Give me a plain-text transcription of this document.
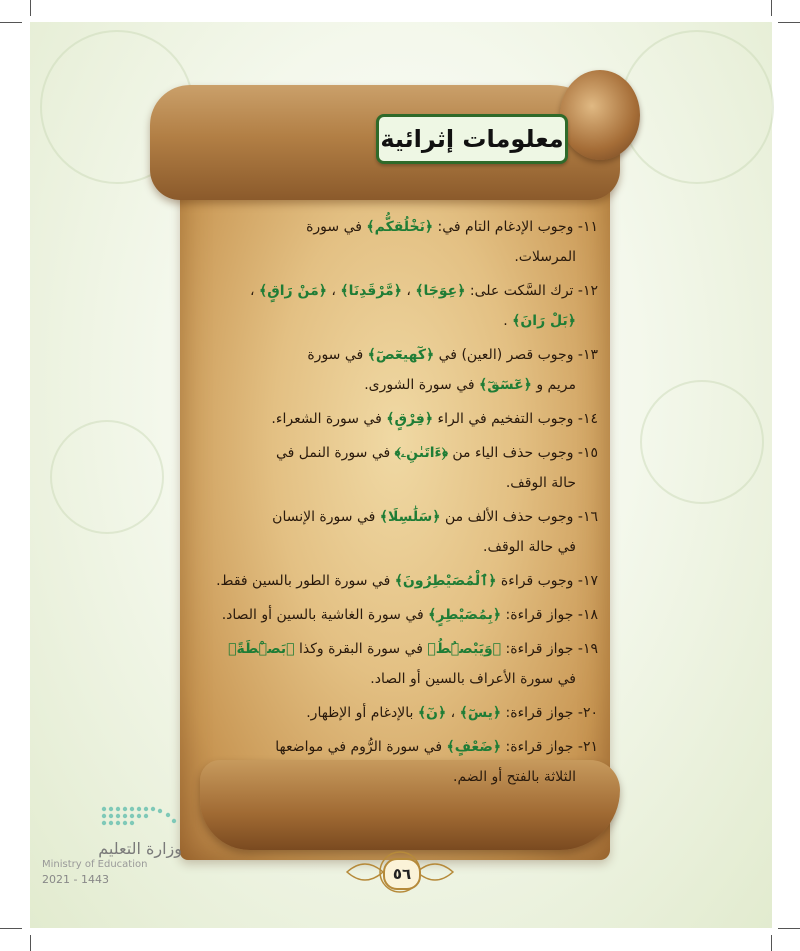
معلومات إثرائية
١١- وجوب الإدغام التام في: ﴿نَخْلُقكُّم﴾ في سورة
المرسلات.
١٢- ترك السَّكت على: ﴿عِوَجَا﴾ ، ﴿مَّرْقَدِنَا﴾ ، ﴿مَنْ رَاقٍ﴾ ،
﴿بَلْ رَانَ﴾ .
١٣- وجوب قصر (العين) في ﴿كٓهيعٓصٓ﴾ في سورة
مريم و ﴿عٓسٓقٓ﴾ في سورة الشورى.
١٤- وجوب التفخيم في الراء ﴿فِرْقٍ﴾ في سورة الشعراء.
١٥- وجوب حذف الياء من ﴿ءَاتَىٰنِۦ﴾ في سورة النمل في
حالة الوقف.
١٦- وجوب حذف الألف من ﴿سَلَٰسِلَا﴾ في سورة الإنسان
في حالة الوقف.
١٧- وجوب قراءة ﴿ٱلْمُصَيْطِرُونَ﴾ في سورة الطور بالسين فقط.
١٨- جواز قراءة: ﴿بِمُصَيْطِرٍ﴾ في سورة الغاشية بالسين أو الصاد.
١٩- جواز قراءة: ﴿وَيَبْصُۜطُ﴾ في سورة البقرة وكذا ﴿بَصْۜطَةً﴾
في سورة الأعراف بالسين أو الصاد.
٢٠- جواز قراءة: ﴿يسٓ﴾ ، ﴿نٓ﴾ بالإدغام أو الإظهار.
٢١- جواز قراءة: ﴿ضَعْفٍ﴾ في سورة الرُّوم في مواضعها
الثلاثة بالفتح أو الضم.
وزارة التعليم
Ministry of Education
2021 - 1443	٥٦
